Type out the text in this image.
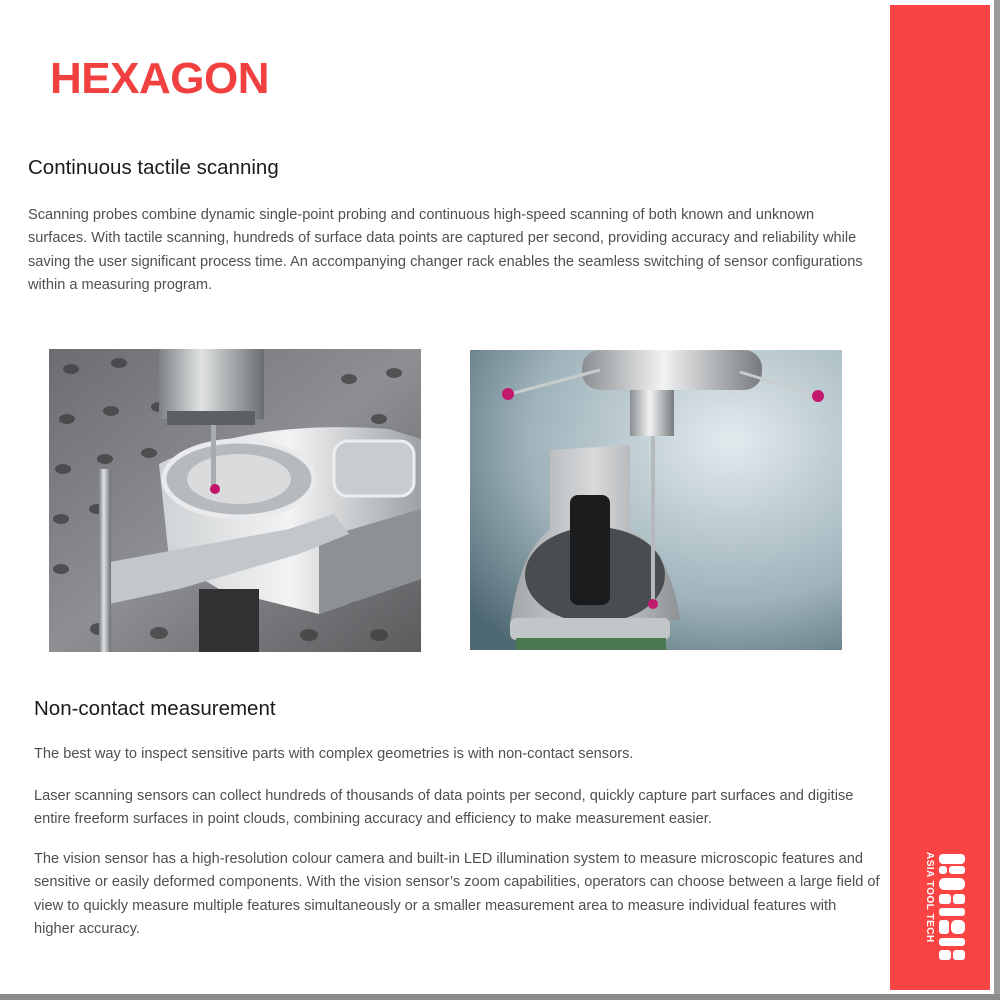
ASIA TOOL TECH
HEXAGON
Continuous tactile scanning
Scanning probes combine dynamic single-point probing and continuous high-speed scanning of both known and unknown surfaces. With tactile scanning, hundreds of surface data points are captured per second, providing accuracy and reliability while saving the user significant process time. An accompanying changer rack enables the seamless switching of sensor configurations within a measuring program.
Non-contact measurement
The best way to inspect sensitive parts with complex geometries is with non-contact sensors.
Laser scanning sensors can collect hundreds of thousands of data points per second, quickly capture part surfaces and digitise entire freeform surfaces in point clouds, combining accuracy and efficiency to make measurement easier.
The vision sensor has a high-resolution colour camera and built-in LED illumination system to measure microscopic features and sensitive or easily deformed components. With the vision sensor’s zoom capabilities, operators can choose between a large field of view to quickly measure multiple features simultaneously or a smaller measurement area to measure individual features with higher accuracy.
